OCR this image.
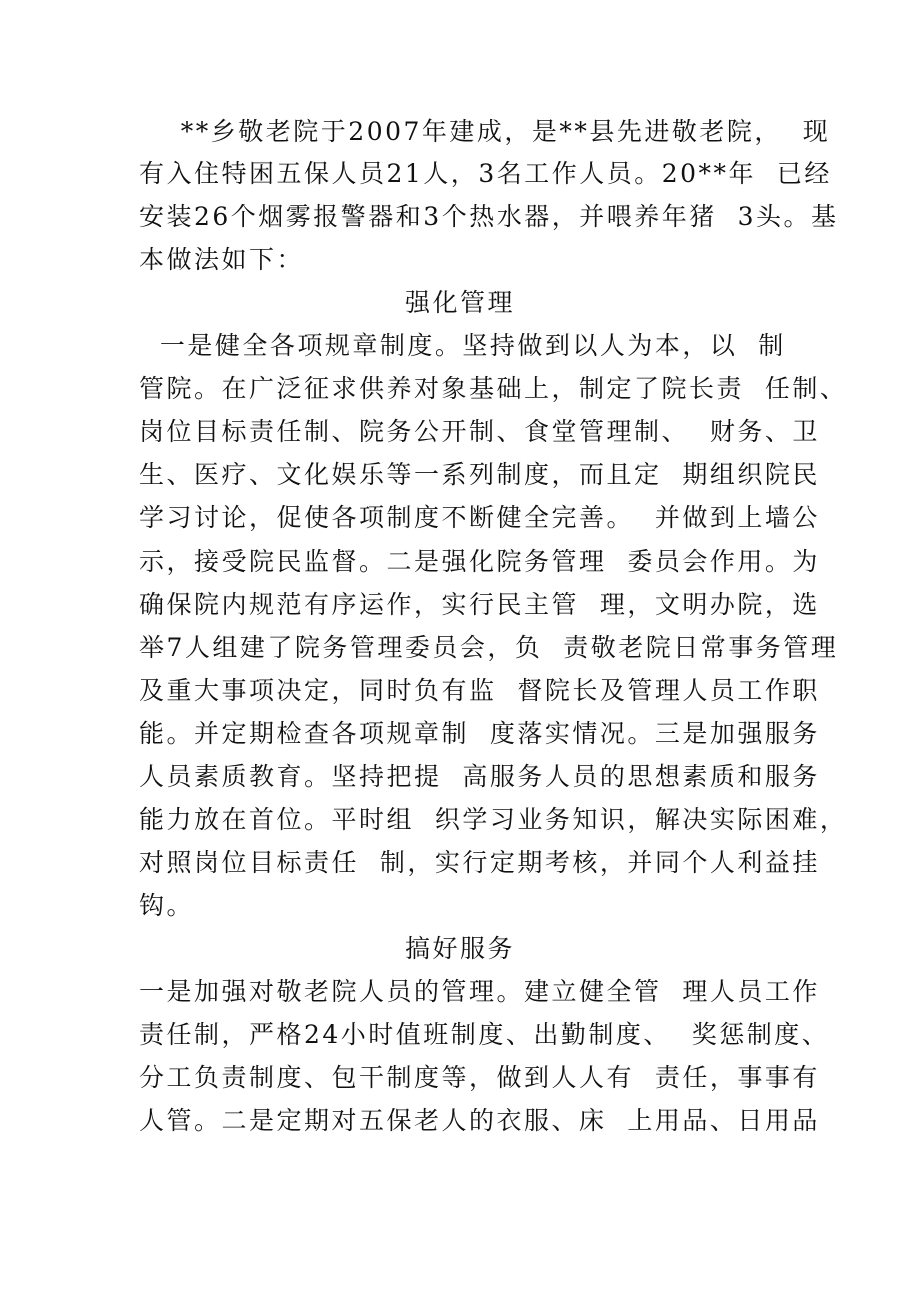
**乡敬老院于2007年建成，是**县先进敬老院，  现
有入住特困五保人员21人，3名工作人员。20**年  已经
安装26个烟雾报警器和3个热水器，并喂养年猪  3头。基
本做法如下：
强化管理
一是健全各项规章制度。坚持做到以人为本，以  制
管院。在广泛征求供养对象基础上，制定了院长责  任制、
岗位目标责任制、院务公开制、食堂管理制、  财务、卫
生、医疗、文化娱乐等一系列制度，而且定  期组织院民
学习讨论，促使各项制度不断健全完善。  并做到上墙公
示，接受院民监督。二是强化院务管理  委员会作用。为
确保院内规范有序运作，实行民主管  理，文明办院，选
举7人组建了院务管理委员会，负  责敬老院日常事务管理
及重大事项决定，同时负有监  督院长及管理人员工作职
能。并定期检查各项规章制  度落实情况。三是加强服务
人员素质教育。坚持把提  高服务人员的思想素质和服务
能力放在首位。平时组  织学习业务知识，解决实际困难，
对照岗位目标责任  制，实行定期考核，并同个人利益挂
钩。
搞好服务
一是加强对敬老院人员的管理。建立健全管  理人员工作
责任制，严格24小时值班制度、出勤制度、  奖惩制度、
分工负责制度、包干制度等，做到人人有  责任，事事有
人管。二是定期对五保老人的衣服、床  上用品、日用品
